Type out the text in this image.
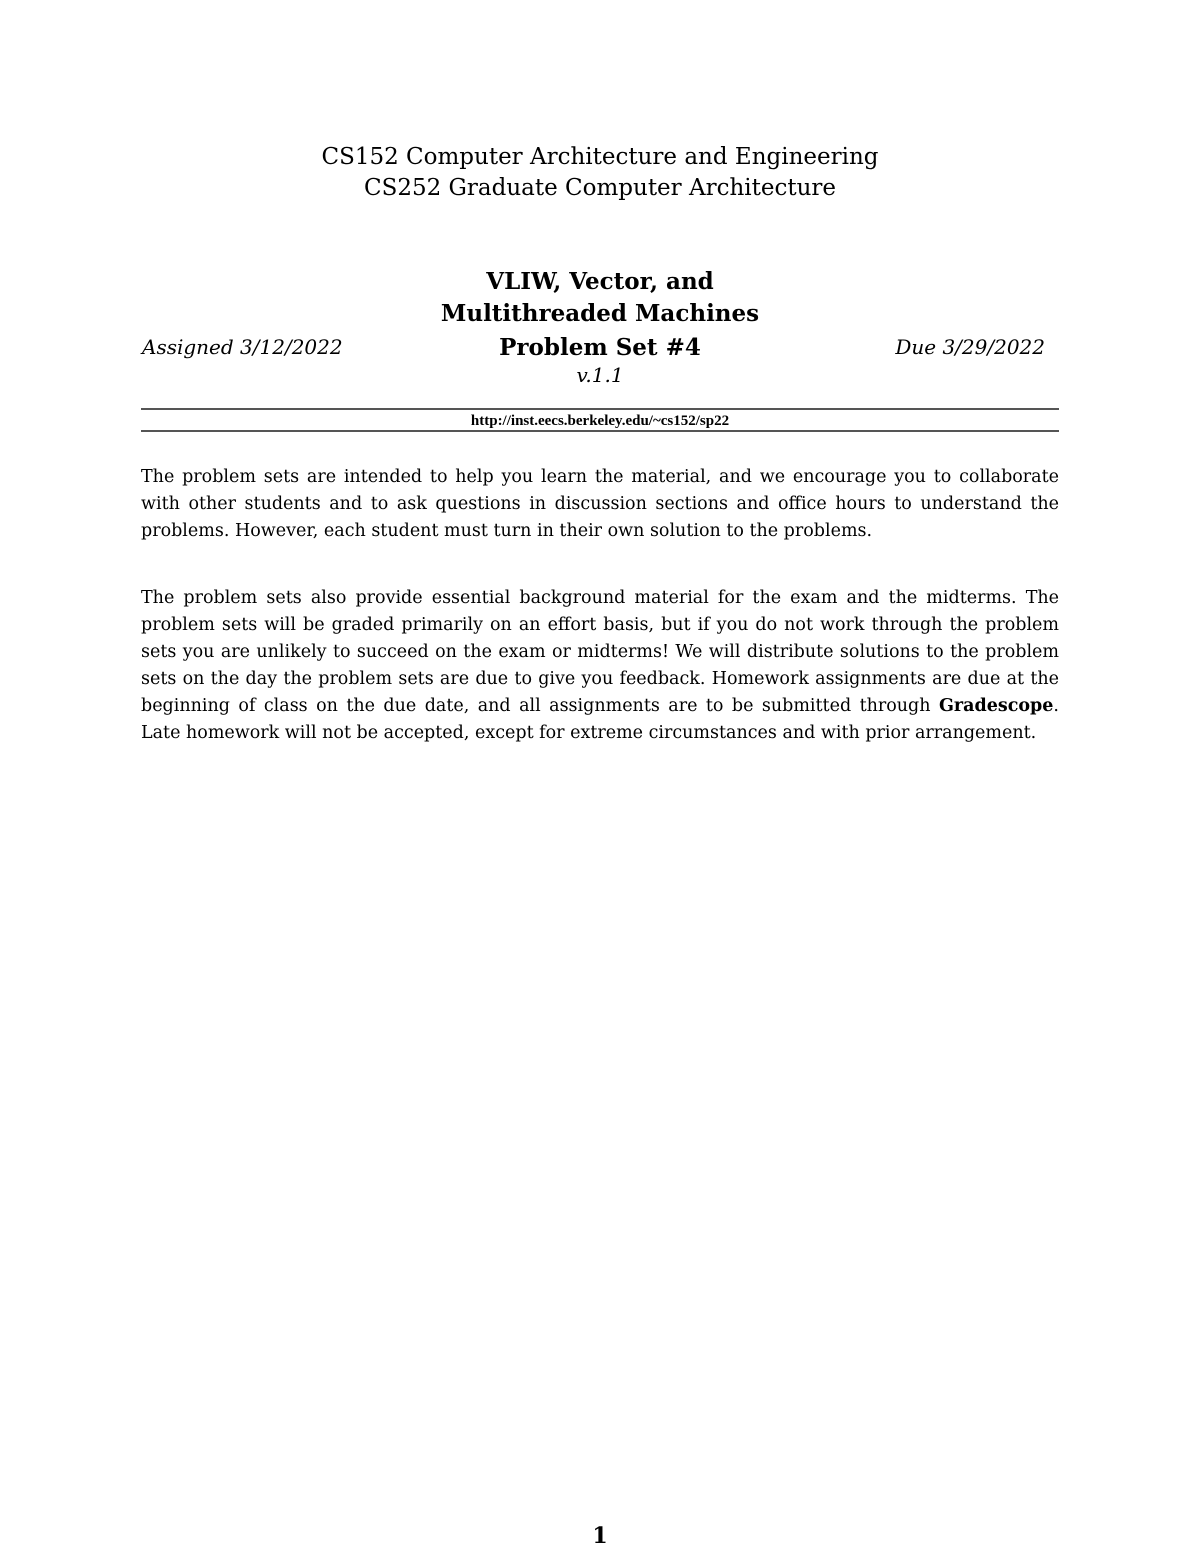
CS152 Computer Architecture and Engineering
CS252 Graduate Computer Architecture
VLIW, Vector, and
Multithreaded Machines
Assigned 3/12/2022	Problem Set #4	Due 3/29/2022
v.1.1
http://inst.eecs.berkeley.edu/~cs152/sp22

The problem sets are intended to help you learn the material, and we encourage you to collaborate with other students and to ask questions in discussion sections and office hours to understand the problems. However, each student must turn in their own solution to the problems.

The problem sets also provide essential background material for the exam and the midterms. The problem sets will be graded primarily on an effort basis, but if you do not work through the problem sets you are unlikely to succeed on the exam or midterms! We will distribute solutions to the problem sets on the day the problem sets are due to give you feedback. Homework assignments are due at the beginning of class on the due date, and all assignments are to be submitted through Gradescope. Late homework will not be accepted, except for extreme circumstances and with prior arrangement.

1
